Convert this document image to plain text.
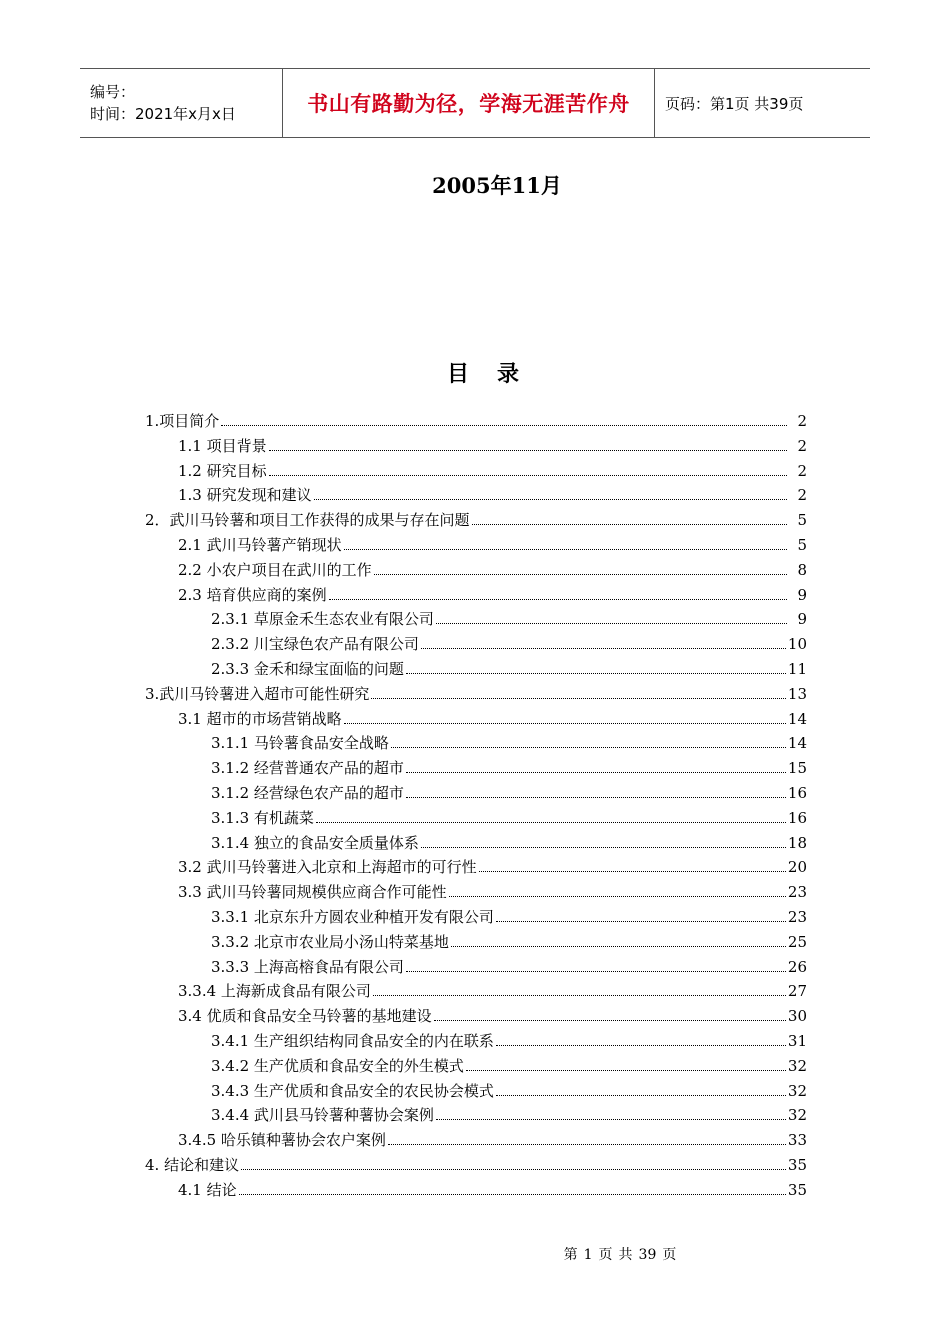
编号：
时间：2021年x月x日	书山有路勤为径，学海无涯苦作舟 页码：第1页 共39页
2005年11月
目录
1.项目简介	2
1.1 项目背景	2
1.2 研究目标	2
1.3 研究发现和建议	2
2．武川马铃薯和项目工作获得的成果与存在问题	5
2.1 武川马铃薯产销现状	5
2.2 小农户项目在武川的工作	8
2.3 培育供应商的案例	9
2.3.1 草原金禾生态农业有限公司	9
2.3.2 川宝绿色农产品有限公司	10
2.3.3 金禾和绿宝面临的问题	11
3.武川马铃薯进入超市可能性研究	13
3.1 超市的市场营销战略	14
3.1.1 马铃薯食品安全战略	14
3.1.2 经营普通农产品的超市	15
3.1.2 经营绿色农产品的超市	16
3.1.3 有机蔬菜	16
3.1.4 独立的食品安全质量体系	18
3.2 武川马铃薯进入北京和上海超市的可行性	20
3.3 武川马铃薯同规模供应商合作可能性	23
3.3.1 北京东升方圆农业种植开发有限公司	23
3.3.2 北京市农业局小汤山特菜基地	25
3.3.3 上海高榕食品有限公司	26
3.3.4 上海新成食品有限公司	27
3.4 优质和食品安全马铃薯的基地建设	30
3.4.1 生产组织结构同食品安全的内在联系	31
3.4.2 生产优质和食品安全的外生模式	32
3.4.3 生产优质和食品安全的农民协会模式	32
3.4.4 武川县马铃薯种薯协会案例	32
3.4.5 哈乐镇种薯协会农户案例	33
4. 结论和建议	35
4.1 结论	35
第 1 页 共 39 页
